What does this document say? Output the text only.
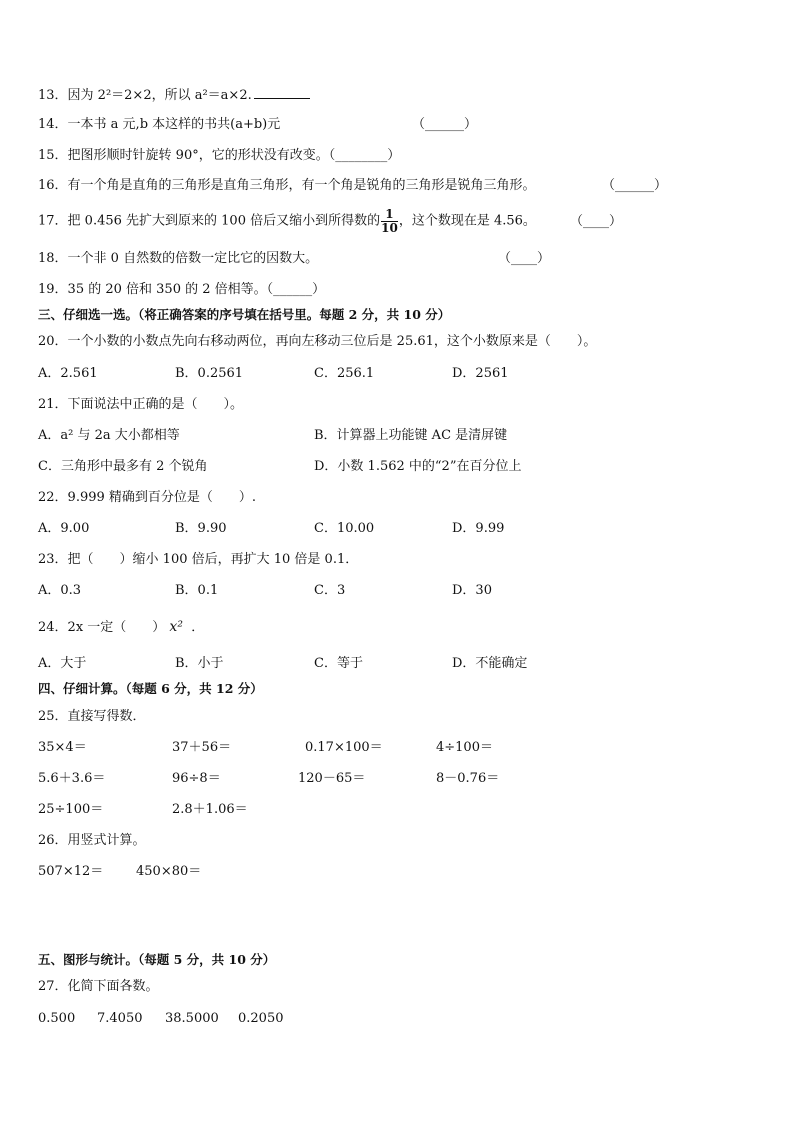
13．因为 2²＝2×2，所以 a²＝a×2.
14．一本书 a 元,b 本这样的书共(a+b)元	（______）
15．把图形顺时针旋转 90°，它的形状没有改变。（________）
16．有一个角是直角的三角形是直角三角形，有一个角是锐角的三角形是锐角三角形。	（______）
17．把 0.456 先扩大到原来的 100 倍后又缩小到所得数的 $\frac{1}{10}$ ，这个数现在是 4.56。	（____）
18．一个非 0 自然数的倍数一定比它的因数大。	（____）
19．35 的 20 倍和 350 的 2 倍相等。（______）
三、仔细选一选。（将正确答案的序号填在括号里。每题 2 分，共 10 分）
20．一个小数的小数点先向右移动两位，再向左移动三位后是 25.61，这个小数原来是（　　）。
A．2.561	B．0.2561	C．256.1	D．2561
21．下面说法中正确的是（　　）。
A．a² 与 2a 大小都相等	B．计算器上功能键 AC 是清屏键
C．三角形中最多有 2 个锐角	D．小数 1.562 中的“2”在百分位上
22．9.999 精确到百分位是（　　）.
A．9.00	B．9.90	C．10.00	D．9.99
23．把（　　）缩小 100 倍后，再扩大 10 倍是 0.1．
A．0.3	B．0.1	C．3	D．30
24．2x 一定（　　） x² ．
A．大于	B．小于	C．等于	D．不能确定
四、仔细计算。（每题 6 分，共 12 分）
25．直接写得数．
35×4＝	37＋56＝	0.17×100＝	4÷100＝
5.6＋3.6＝	96÷8＝	120－65＝	8－0.76＝
25÷100＝	2.8＋1.06＝
26．用竖式计算。
507×12＝	450×80＝
五、图形与统计。（每题 5 分，共 10 分）
27．化简下面各数。
0.500 7.4050 38.5000 0.2050
